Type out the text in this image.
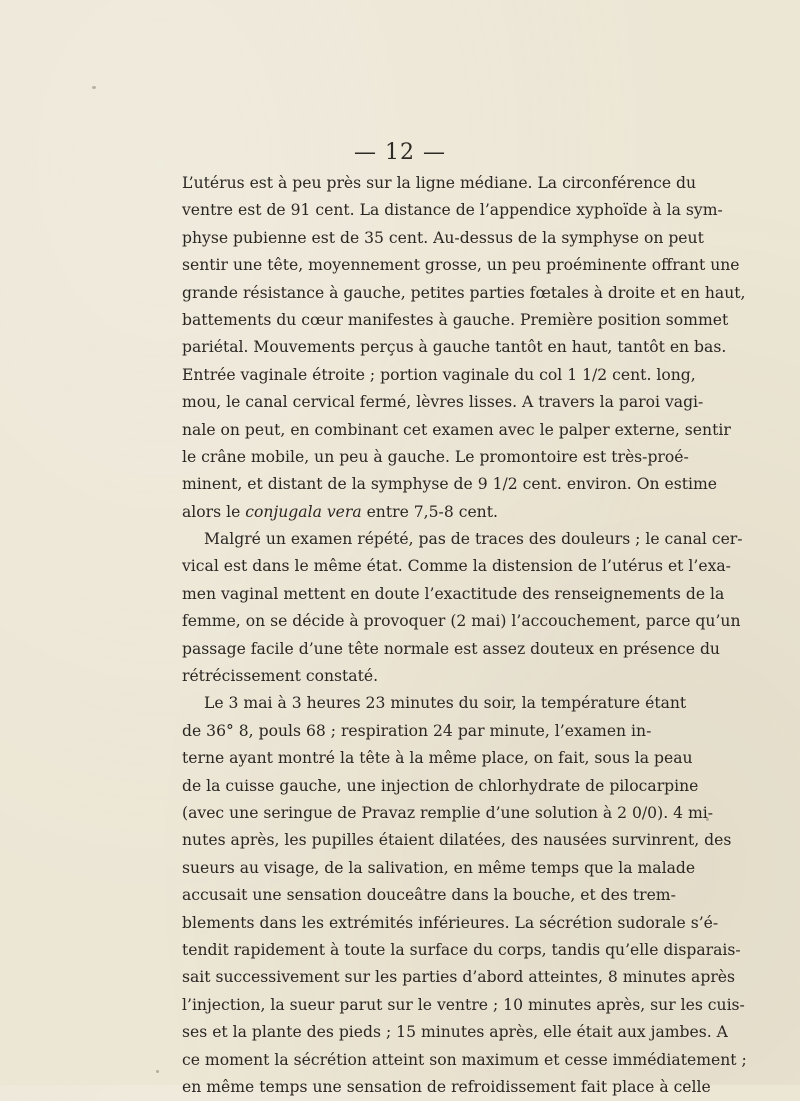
— 12 —
L’utérus est à peu près sur la ligne médiane. La circonférence du
ventre est de 91 cent. La distance de l’appendice xyphoïde à la sym-
physe pubienne est de 35 cent. Au-dessus de la symphyse on peut
sentir une tête, moyennement grosse, un peu proéminente offrant une
grande résistance à gauche, petites parties fœtales à droite et en haut,
battements du cœur manifestes à gauche. Première position sommet
pariétal. Mouvements perçus à gauche tantôt en haut, tantôt en bas.
Entrée vaginale étroite ; portion vaginale du col 1 1/2 cent. long,
mou, le canal cervical fermé, lèvres lisses. A travers la paroi vagi-
nale on peut, en combinant cet examen avec le palper externe, sentir
le crâne mobile, un peu à gauche. Le promontoire est très-proé-
minent, et distant de la symphyse de 9 1/2 cent. environ. On estime
alors le conjugala vera entre 7,5-8 cent.
Malgré un examen répété, pas de traces des douleurs ; le canal cer-
vical est dans le même état. Comme la distension de l’utérus et l’exa-
men vaginal mettent en doute l’exactitude des renseignements de la
femme, on se décide à provoquer (2 mai) l’accouchement, parce qu’un
passage facile d’une tête normale est assez douteux en présence du
rétrécissement constaté.
Le 3 mai à 3 heures 23 minutes du soir, la température étant
de 36° 8, pouls 68 ; respiration 24 par minute, l’examen in-
terne ayant montré la tête à la même place, on fait, sous la peau
de la cuisse gauche, une injection de chlorhydrate de pilocarpine
(avec une seringue de Pravaz remplie d’une solution à 2 0/0). 4 mi-
nutes après, les pupilles étaient dilatées, des nausées survinrent, des
sueurs au visage, de la salivation, en même temps que la malade
accusait une sensation douceâtre dans la bouche, et des trem-
blements dans les extrémités inférieures. La sécrétion sudorale s’é-
tendit rapidement à toute la surface du corps, tandis qu’elle disparais-
sait successivement sur les parties d’abord atteintes, 8 minutes après
l’injection, la sueur parut sur le ventre ; 10 minutes après, sur les cuis-
ses et la plante des pieds ; 15 minutes après, elle était aux jambes. A
ce moment la sécrétion atteint son maximum et cesse immédiatement ;
en même temps une sensation de refroidissement fait place à celle
